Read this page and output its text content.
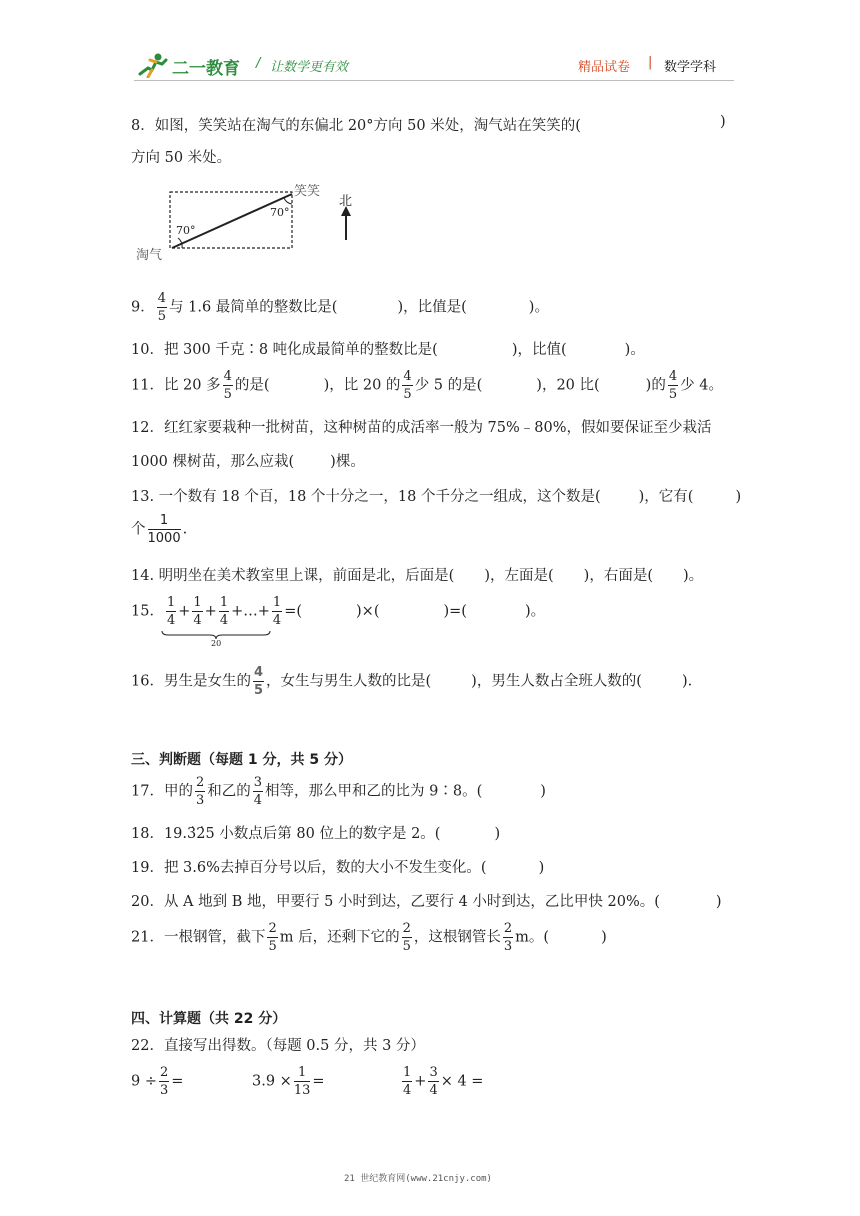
二一教育 / 让数学更有效	精品试卷 | 数学学科
8．如图，笑笑站在淘气的东偏北 20°方向 50 米处，淘气站在笑笑的(	)
方向 50 米处。
笑笑
淘气
70°
70°
北
9． $\frac{4}{5}$ 与 1.6 最简单的整数比是(	)，比值是(	)。
10．把 300 千克∶8 吨化成最简单的整数比是(	)，比值(	)。
11．比 20 多 $\frac{4}{5}$ 的是(	)，比 20 的 $\frac{4}{5}$ 少 5 的是(	)，20 比(	)的 $\frac{4}{5}$ 少 4。
12．红红家要栽种一批树苗，这种树苗的成活率一般为 75%﹣80%，假如要保证至少栽活
1000 棵树苗，那么应栽( )棵。
13. 一个数有 18 个百，18 个十分之一，18 个千分之一组成，这个数是(	)，它有(	)
个 $\frac{1}{1000}$ .
14. 明明坐在美术教室里上课，前面是北，后面是( )，左面是( )，右面是( )。
15． $\frac{1}{4} + \frac{1}{4} + \frac{1}{4}$ +…+ $\frac{1}{4}$ =(	)×(	)=(	)。
20
16．男生是女生的 $\frac{4}{5}$ ，女生与男生人数的比是(	)，男生人数占全班人数的(	).
三、判断题（每题 1 分，共 5 分）
17．甲的 $\frac{2}{3}$ 和乙的 $\frac{3}{4}$ 相等，那么甲和乙的比为 9∶8。(	)
18．19.3̇2̇5 小数点后第 80 位上的数字是 2。(	)
19．把 3.6%去掉百分号以后，数的大小不发生变化。(	)
20．从 A 地到 B 地，甲要行 5 小时到达，乙要行 4 小时到达，乙比甲快 20%。(	)
21．一根钢管，截下 $\frac{2}{5}$ m 后，还剩下它的 $\frac{2}{5}$ ，这根钢管长 $\frac{2}{3}$ m。(	)
四、计算题（共 22 分）
22．直接写出得数。（每题 0.5 分，共 3 分）
$9 \div \frac{2}{3}$ =	$3.9 \times \frac{1}{13}$ =	$\frac{1}{4} + \frac{3}{4} \times 4$ =
21 世纪教育网(www.21cnjy.com)
